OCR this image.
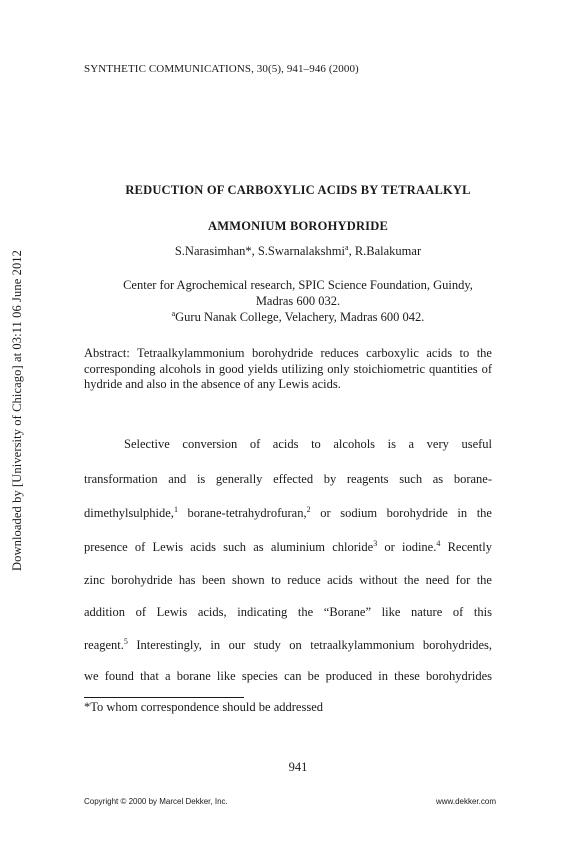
Downloaded by [University of Chicago] at 03:11 06 June 2012
SYNTHETIC COMMUNICATIONS, 30(5), 941–946 (2000)
REDUCTION OF CARBOXYLIC ACIDS BY TETRAALKYL
AMMONIUM BOROHYDRIDE
S.Narasimhan*, S.Swarnalakshmi$^a$, R.Balakumar
Center for Agrochemical research, SPIC Science Foundation, Guindy,
Madras 600 032.
$^a$Guru Nanak College, Velachery, Madras 600 042.
Abstract: Tetraalkylammonium borohydride reduces carboxylic acids to the corresponding alcohols in good yields utilizing only stoichiometric quantities of hydride and also in the absence of any Lewis acids.
Selective conversion of acids to alcohols is a very useful
transformation and is generally effected by reagents such as borane-
dimethylsulphide,$^1$ borane-tetrahydrofuran,$^2$ or sodium borohydride in the
presence of Lewis acids such as aluminium chloride$^3$ or iodine.$^4$ Recently
zinc borohydride has been shown to reduce acids without the need for the
addition of Lewis acids, indicating the “Borane” like nature of this
reagent.$^5$ Interestingly, in our study on tetraalkylammonium borohydrides,
we found that a borane like species can be produced in these borohydrides
*To whom correspondence should be addressed
941
Copyright © 2000 by Marcel Dekker, Inc.	www.dekker.com
